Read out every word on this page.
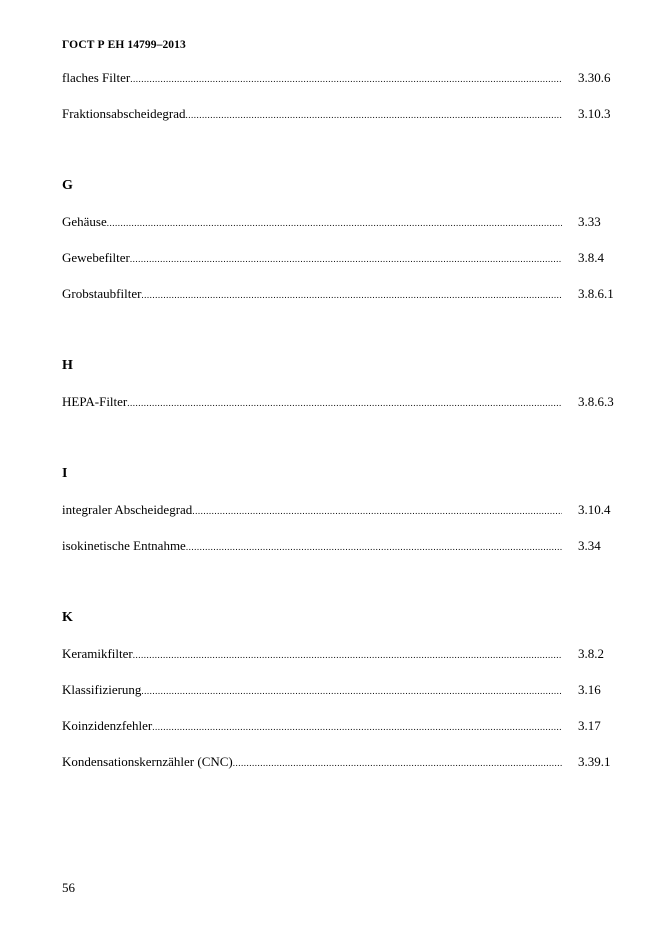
ГОСТ Р ЕН 14799–2013
flaches Filter .....	3.30.6
Fraktionsabscheidegrad .....	3.10.3
G
Gehäuse .....	3.33
Gewebefilter .....	3.8.4
Grobstaubfilter .....	3.8.6.1
H
HEPA-Filter .....	3.8.6.3
I
integraler Abscheidegrad .....	3.10.4
isokinetische Entnahme .....	3.34
K
Keramikfilter .....	3.8.2
Klassifizierung .....	3.16
Koinzidenzfehler .....	3.17
Kondensationskernzähler (CNC) .....	3.39.1
56
